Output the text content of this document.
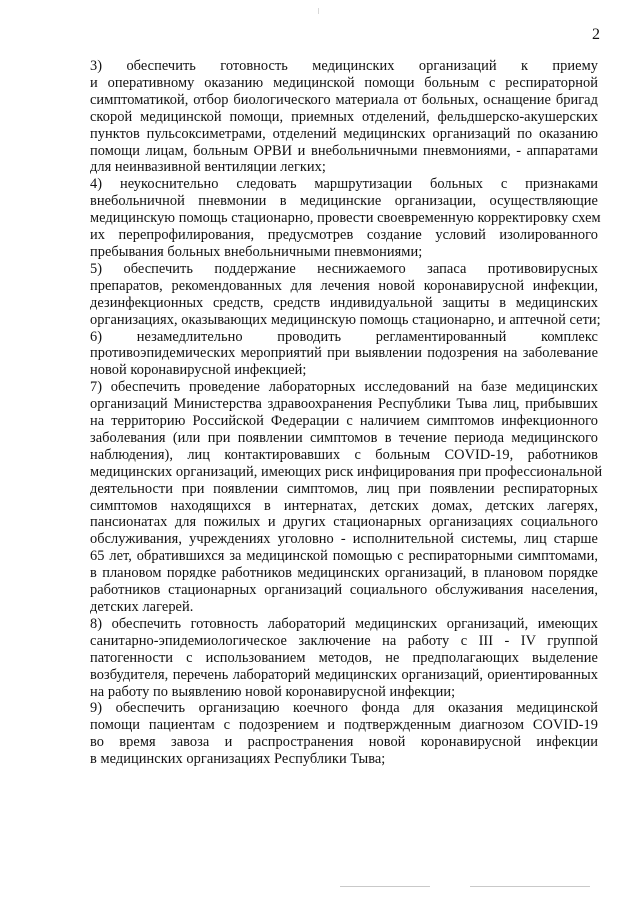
2

3) обеспечить готовность медицинских организаций к приему
и оперативному оказанию медицинской помощи больным с респираторной
симптоматикой, отбор биологического материала от больных, оснащение бригад
скорой медицинской помощи, приемных отделений, фельдшерско-акушерских
пунктов пульсоксиметрами, отделений медицинских организаций по оказанию
помощи лицам, больным ОРВИ и внебольничными пневмониями, - аппаратами
для неинвазивной вентиляции легких;

4) неукоснительно следовать маршрутизации больных с признаками
внебольничной пневмонии в медицинские организации, осуществляющие
медицинскую помощь стационарно, провести своевременную корректировку схем
их перепрофилирования, предусмотрев создание условий изолированного
пребывания больных внебольничными пневмониями;

5) обеспечить поддержание неснижаемого запаса противовирусных
препаратов, рекомендованных для лечения новой коронавирусной инфекции,
дезинфекционных средств, средств индивидуальной защиты в медицинских
организациях, оказывающих медицинскую помощь стационарно, и аптечной сети;

6) незамедлительно проводить регламентированный комплекс
противоэпидемических мероприятий при выявлении подозрения на заболевание
новой коронавирусной инфекцией;

7) обеспечить проведение лабораторных исследований на базе медицинских
организаций Министерства здравоохранения Республики Тыва лиц, прибывших
на территорию Российской Федерации с наличием симптомов инфекционного
заболевания (или при появлении симптомов в течение периода медицинского
наблюдения), лиц контактировавших с больным COVID-19, работников
медицинских организаций, имеющих риск инфицирования при профессиональной
деятельности при появлении симптомов, лиц при появлении респираторных
симптомов находящихся в интернатах, детских домах, детских лагерях,
пансионатах для пожилых и других стационарных организациях социального
обслуживания, учреждениях уголовно - исполнительной системы, лиц старше
65 лет, обратившихся за медицинской помощью с респираторными симптомами,
в плановом порядке работников медицинских организаций, в плановом порядке
работников стационарных организаций социального обслуживания населения,
детских лагерей.

8) обеспечить готовность лабораторий медицинских организаций, имеющих
санитарно-эпидемиологическое заключение на работу с III - IV группой
патогенности с использованием методов, не предполагающих выделение
возбудителя, перечень лабораторий медицинских организаций, ориентированных
на работу по выявлению новой коронавирусной инфекции;

9) обеспечить организацию коечного фонда для оказания медицинской
помощи пациентам с подозрением и подтвержденным диагнозом COVID-19
во время завоза и распространения новой коронавирусной инфекции
в медицинских организациях Республики Тыва;
